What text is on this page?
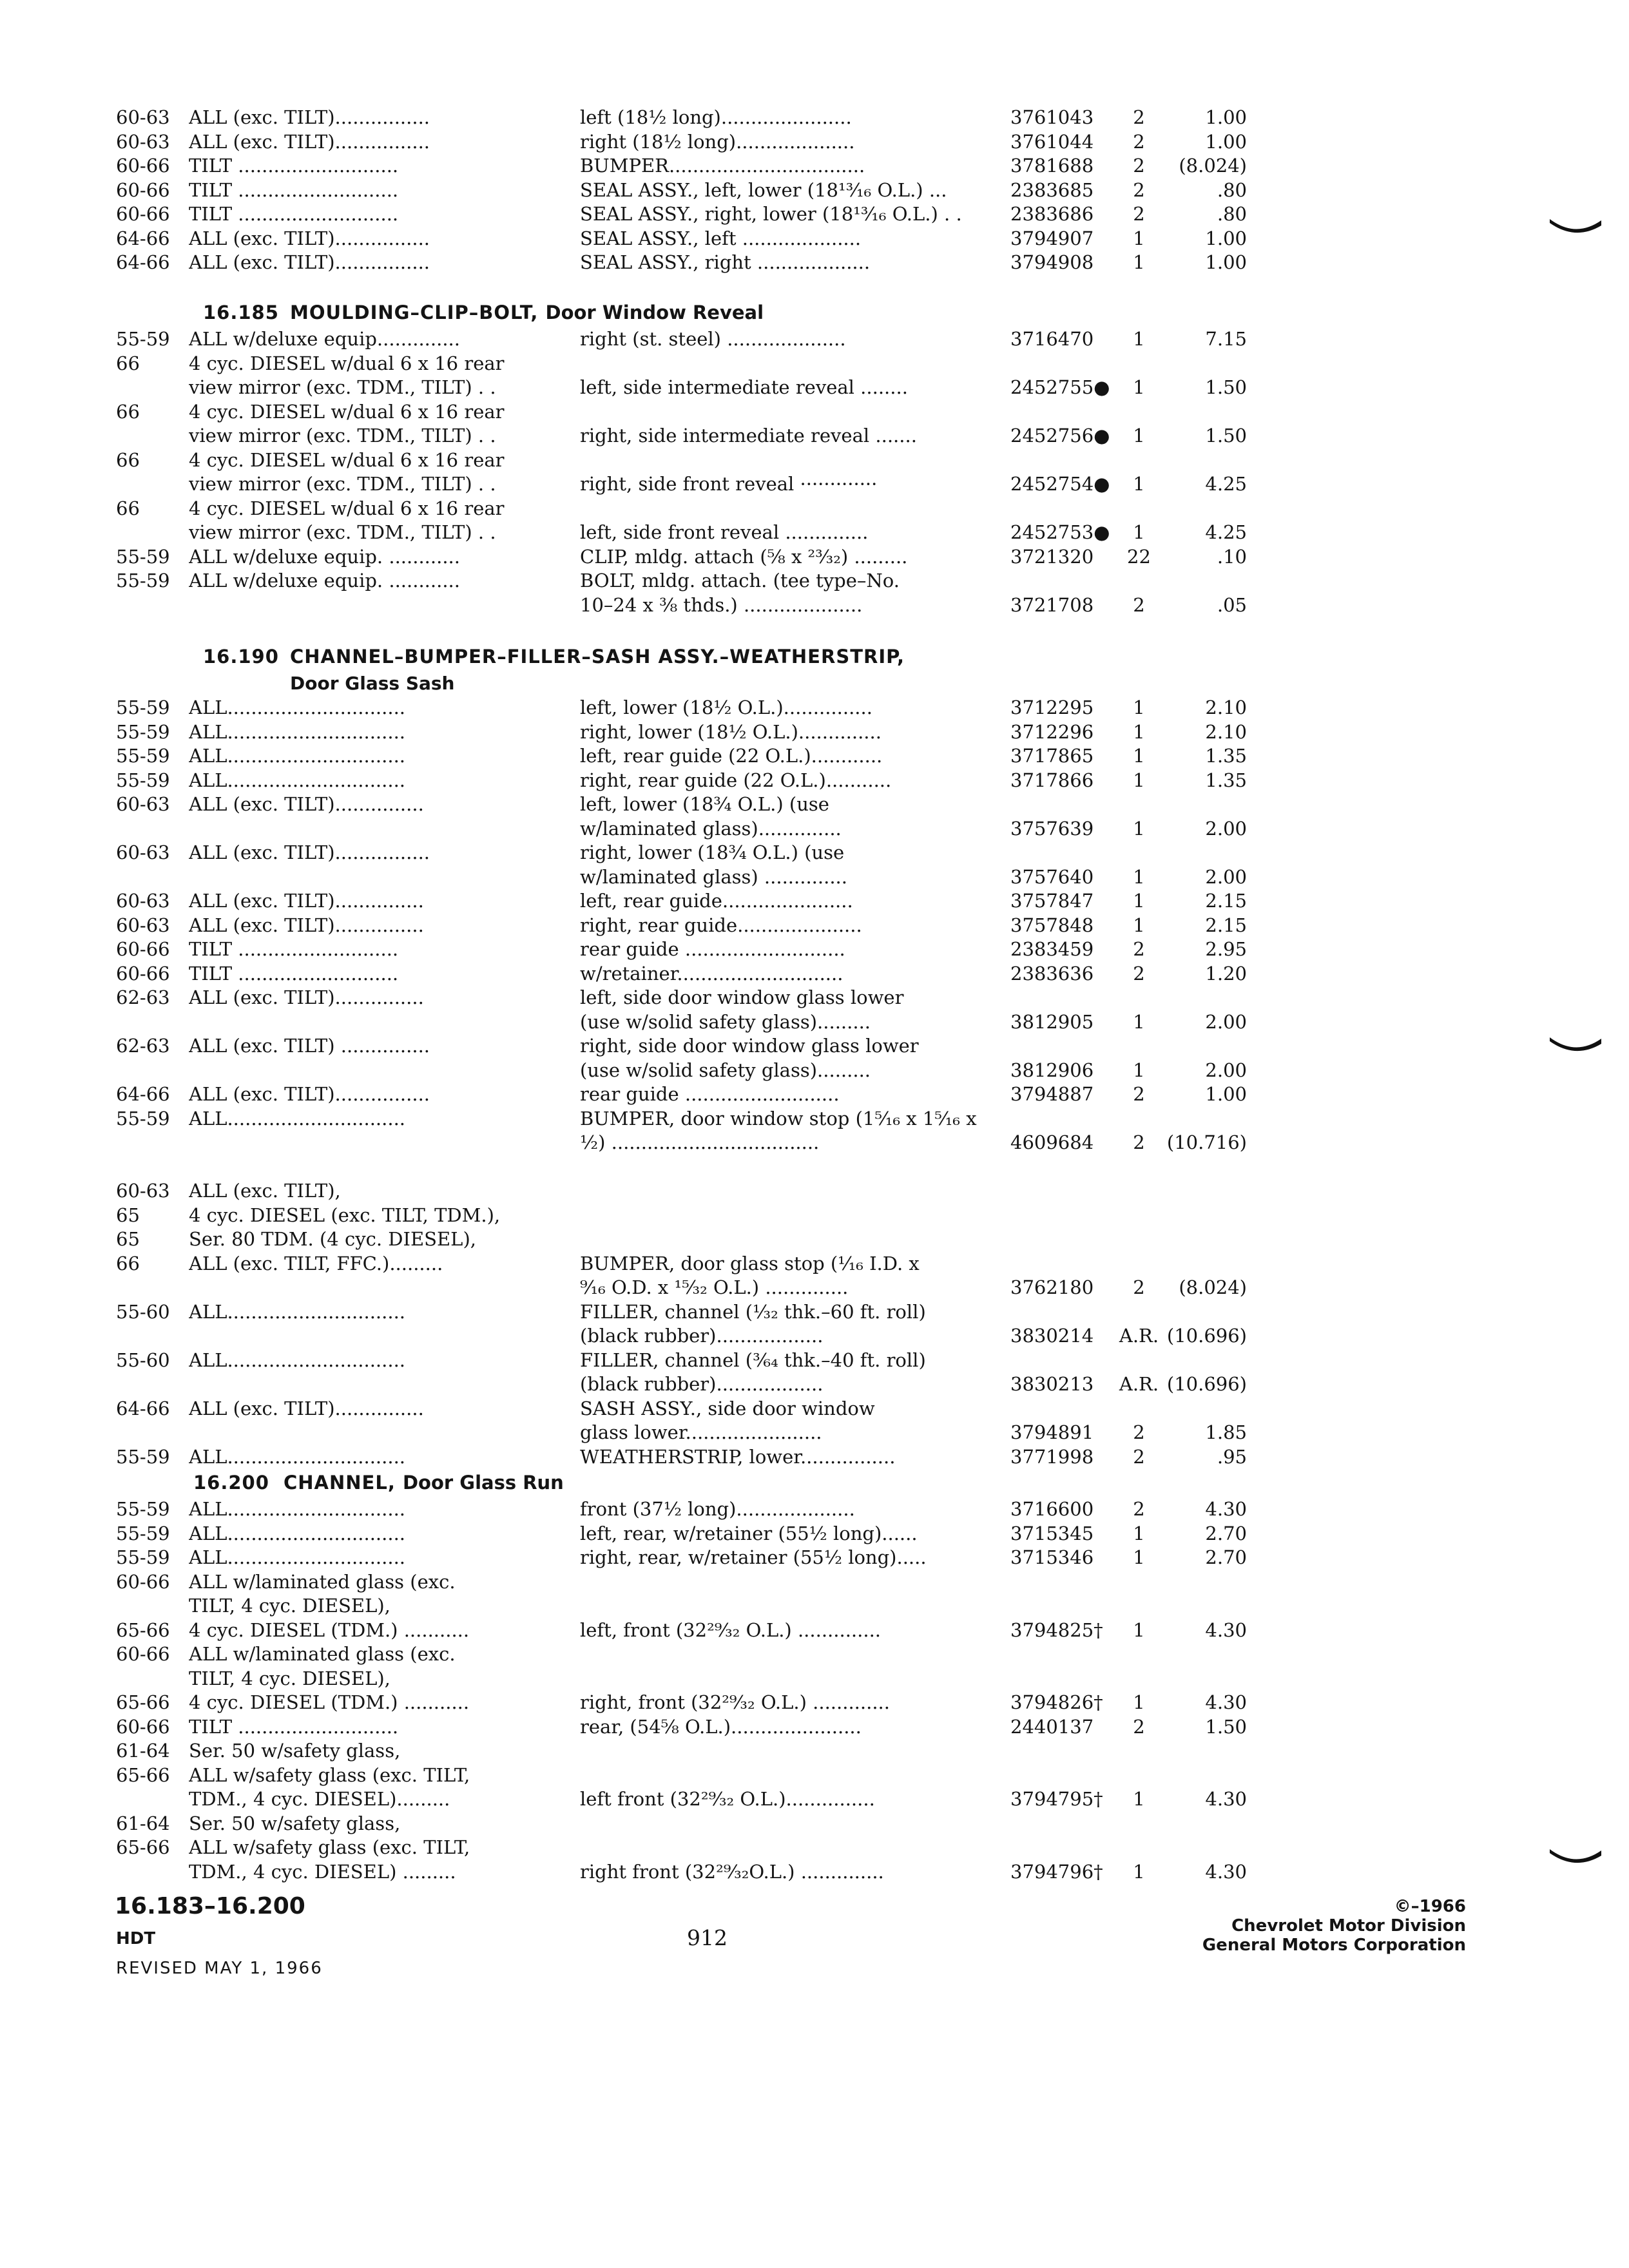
60-63 ALL (exc. TILT)................	left (18½ long)......................	3761043	2	1.00
60-63 ALL (exc. TILT)................	right (18½ long)....................	3761044	2	1.00
60-66 TILT ...........................	BUMPER.................................	3781688	2	(8.024)
60-66 TILT ...........................	SEAL ASSY., left, lower (18¹³⁄₁₆ O.L.) ...	2383685	2	.80
60-66 TILT ...........................	SEAL ASSY., right, lower (18¹³⁄₁₆ O.L.) . .	2383686	2	.80
64-66 ALL (exc. TILT)................	SEAL ASSY., left ....................	3794907	1	1.00
64-66 ALL (exc. TILT)................	SEAL ASSY., right ...................	3794908	1	1.00
16.185 MOULDING–CLIP–BOLT, Door Window Reveal
55-59 ALL w/deluxe equip..............	right (st. steel) ....................	3716470	1	7.15
66	4 cyc. DIESEL w/dual 6 x 16 rear
view mirror (exc. TDM., TILT) . .	left, side intermediate reveal ........	2452755●	1	1.50
66	4 cyc. DIESEL w/dual 6 x 16 rear
view mirror (exc. TDM., TILT) . .	right, side intermediate reveal .......	2452756●	1	1.50
66	4 cyc. DIESEL w/dual 6 x 16 rear
view mirror (exc. TDM., TILT) . .	right, side front reveal ·············	2452754●	1	4.25
66	4 cyc. DIESEL w/dual 6 x 16 rear
view mirror (exc. TDM., TILT) . .	left, side front reveal ..............	2452753●	1	4.25
55-59 ALL w/deluxe equip. ............	CLIP, mldg. attach (⅝ x ²³⁄₃₂) .........	3721320	22	.10
55-59 ALL w/deluxe equip. ............	BOLT, mldg. attach. (tee type–No.
10–24 x ⅜ thds.) ....................	3721708	2	.05
16.190 CHANNEL–BUMPER–FILLER–SASH ASSY.–WEATHERSTRIP,
Door Glass Sash
55-59 ALL..............................	left, lower (18½ O.L.)...............	3712295	1	2.10
55-59 ALL..............................	right, lower (18½ O.L.)..............	3712296	1	2.10
55-59 ALL..............................	left, rear guide (22 O.L.)............	3717865	1	1.35
55-59 ALL..............................	right, rear guide (22 O.L.)...........	3717866	1	1.35
60-63 ALL (exc. TILT)...............	left, lower (18¾ O.L.) (use
w/laminated glass)..............	3757639	1	2.00
60-63 ALL (exc. TILT)................	right, lower (18¾ O.L.) (use
w/laminated glass) ..............	3757640	1	2.00
60-63 ALL (exc. TILT)...............	left, rear guide......................	3757847	1	2.15
60-63 ALL (exc. TILT)...............	right, rear guide.....................	3757848	1	2.15
60-66 TILT ...........................	rear guide ...........................	2383459	2	2.95
60-66 TILT ...........................	w/retainer............................	2383636	2	1.20
62-63 ALL (exc. TILT)...............	left, side door window glass lower
(use w/solid safety glass).........	3812905	1	2.00
62-63 ALL (exc. TILT) ...............	right, side door window glass lower
(use w/solid safety glass).........	3812906	1	2.00
64-66 ALL (exc. TILT)................	rear guide ..........................	3794887	2	1.00
55-59 ALL..............................	BUMPER, door window stop (1⁵⁄₁₆ x 1⁵⁄₁₆ x
½) ...................................	4609684	2	(10.716)
60-63 ALL (exc. TILT),
65	4 cyc. DIESEL (exc. TILT, TDM.),
65	Ser. 80 TDM. (4 cyc. DIESEL),
66	ALL (exc. TILT, FFC.).........	BUMPER, door glass stop (⅟₁₆ I.D. x
⁹⁄₁₆ O.D. x ¹⁵⁄₃₂ O.L.) ..............	3762180	2	(8.024)
55-60 ALL..............................	FILLER, channel (⅟₃₂ thk.–60 ft. roll)
(black rubber)..................	3830214	A.R. (10.696)
55-60 ALL..............................	FILLER, channel (³⁄₆₄ thk.–40 ft. roll)
(black rubber)..................	3830213	A.R. (10.696)
64-66 ALL (exc. TILT)...............	SASH ASSY., side door window
glass lower.......................	3794891	2	1.85
55-59 ALL..............................	WEATHERSTRIP, lower................	3771998	2	.95
16.200 CHANNEL, Door Glass Run
55-59 ALL..............................	front (37½ long)....................	3716600	2	4.30
55-59 ALL..............................	left, rear, w/retainer (55½ long)......	3715345	1	2.70
55-59 ALL..............................	right, rear, w/retainer (55½ long).....	3715346	1	2.70
60-66 ALL w/laminated glass (exc.
TILT, 4 cyc. DIESEL),
65-66 4 cyc. DIESEL (TDM.) ...........	left, front (32²⁹⁄₃₂ O.L.) ..............	3794825†	1	4.30
60-66 ALL w/laminated glass (exc.
TILT, 4 cyc. DIESEL),
65-66 4 cyc. DIESEL (TDM.) ...........	right, front (32²⁹⁄₃₂ O.L.) .............	3794826†	1	4.30
60-66 TILT ...........................	rear, (54⅝ O.L.)......................	2440137	2	1.50
61-64 Ser. 50 w/safety glass,
65-66 ALL w/safety glass (exc. TILT,
TDM., 4 cyc. DIESEL).........	left front (32²⁹⁄₃₂ O.L.)...............	3794795†	1	4.30
61-64 Ser. 50 w/safety glass,
65-66 ALL w/safety glass (exc. TILT,
TDM., 4 cyc. DIESEL) .........	right front (32²⁹⁄₃₂O.L.) ..............	3794796†	1	4.30
16.183–16.200
HDT
REVISED MAY 1, 1966
912
©–1966
Chevrolet Motor Division
General Motors Corporation
